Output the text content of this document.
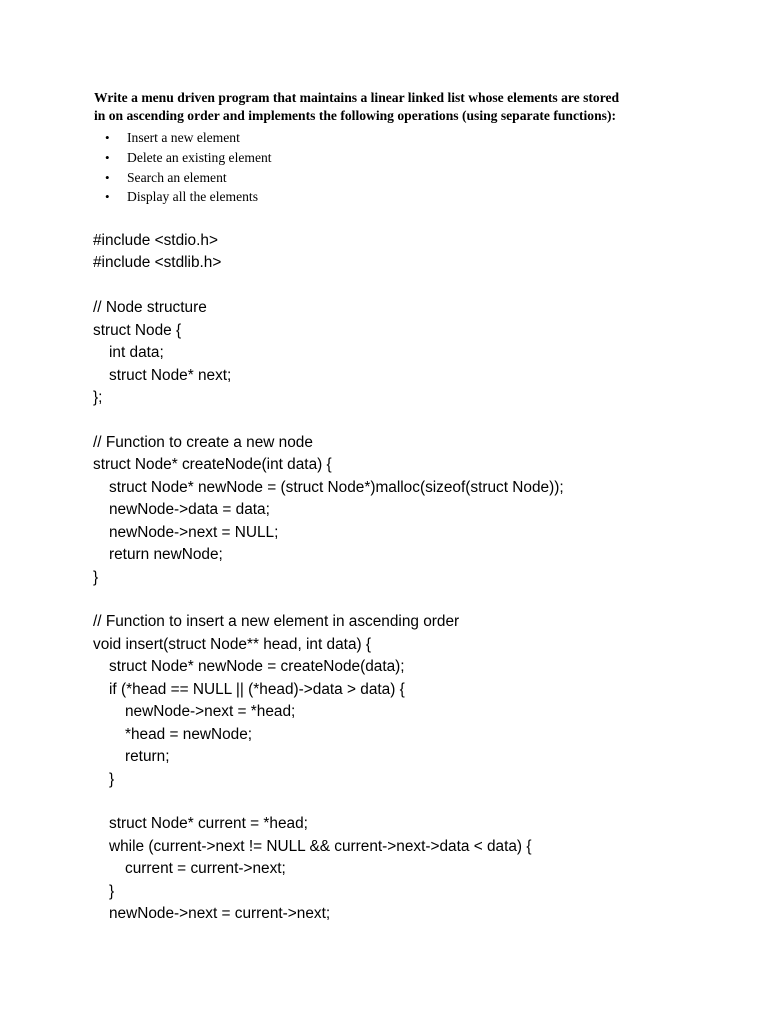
Write a menu driven program that maintains a linear linked list whose elements are stored

in on ascending order and implements the following operations (using separate functions):

• Insert a new element
• Delete an existing element
• Search an element
• Display all the elements
#include <stdio.h>
#include <stdlib.h>
// Node structure
struct Node {
int data;
struct Node* next;
};
// Function to create a new node
struct Node* createNode(int data) {
struct Node* newNode = (struct Node*)malloc(sizeof(struct Node));
newNode->data = data;
newNode->next = NULL;
return newNode;
}
// Function to insert a new element in ascending order
void insert(struct Node** head, int data) {
struct Node* newNode = createNode(data);
if (*head == NULL || (*head)->data > data) {
newNode->next = *head;
*head = newNode;
return;
}
struct Node* current = *head;
while (current->next != NULL && current->next->data < data) {
current = current->next;
}
newNode->next = current->next;
